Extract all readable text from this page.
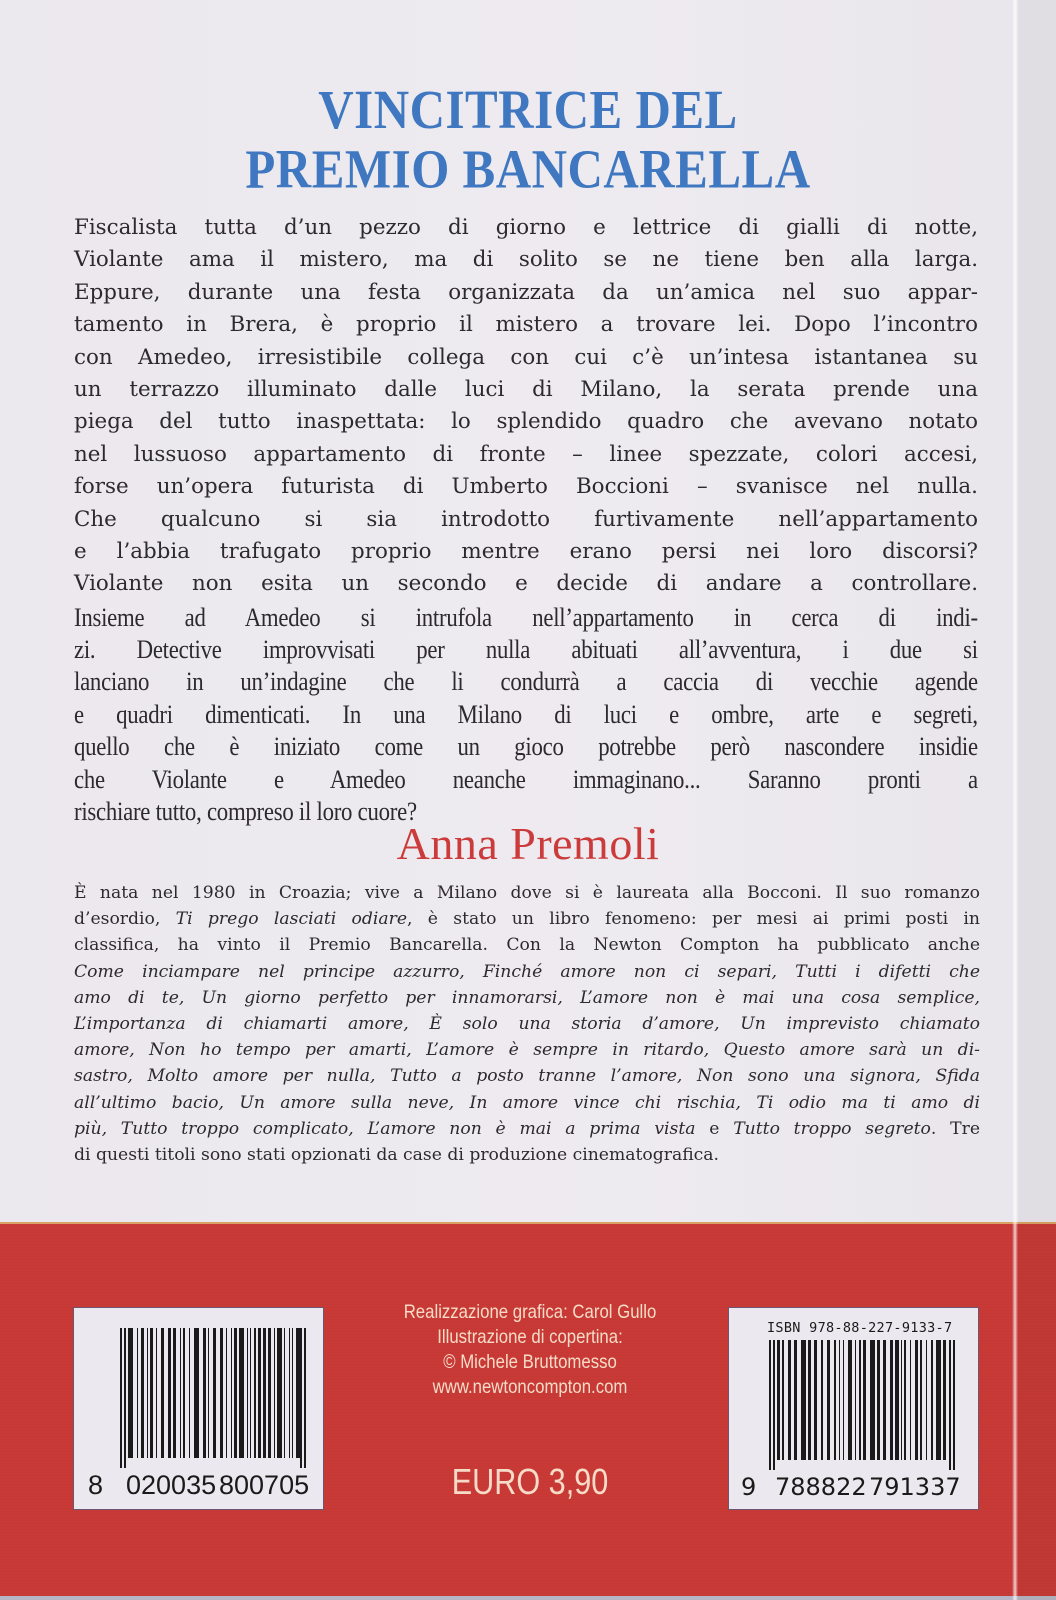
VINCITRICE DEL
PREMIO BANCARELLA
Fiscalista tutta d’un pezzo di giorno e lettrice di gialli di notte,
Violante ama il mistero, ma di solito se ne tiene ben alla larga.
Eppure, durante una festa organizzata da un’amica nel suo appar-
tamento in Brera, è proprio il mistero a trovare lei. Dopo l’incontro
con Amedeo, irresistibile collega con cui c’è un’intesa istantanea su
un terrazzo illuminato dalle luci di Milano, la serata prende una
piega del tutto inaspettata: lo splendido quadro che avevano notato
nel lussuoso appartamento di fronte – linee spezzate, colori accesi,
forse un’opera futurista di Umberto Boccioni – svanisce nel nulla.
Che qualcuno si sia introdotto furtivamente nell’appartamento
e l’abbia trafugato proprio mentre erano persi nei loro discorsi?
Violante non esita un secondo e decide di andare a controllare.
Insieme ad Amedeo si intrufola nell’appartamento in cerca di indi-
zi. Detective improvvisati per nulla abituati all’avventura, i due si
lanciano in un’indagine che li condurrà a caccia di vecchie agende
e quadri dimenticati. In una Milano di luci e ombre, arte e segreti,
quello che è iniziato come un gioco potrebbe però nascondere insidie
che Violante e Amedeo neanche immaginano... Saranno pronti a
rischiare tutto, compreso il loro cuore?
Anna Premoli
È nata nel 1980 in Croazia; vive a Milano dove si è laureata alla Bocconi. Il suo romanzo
d’esordio, Ti prego lasciati odiare, è stato un libro fenomeno: per mesi ai primi posti in
classifica, ha vinto il Premio Bancarella. Con la Newton Compton ha pubblicato anche
Come inciampare nel principe azzurro, Finché amore non ci separi, Tutti i difetti che
amo di te, Un giorno perfetto per innamorarsi, L’amore non è mai una cosa semplice,
L’importanza di chiamarti amore, È solo una storia d’amore, Un imprevisto chiamato
amore, Non ho tempo per amarti, L’amore è sempre in ritardo, Questo amore sarà un di-
sastro, Molto amore per nulla, Tutto a posto tranne l’amore, Non sono una signora, Sfida
all’ultimo bacio, Un amore sulla neve, In amore vince chi rischia, Ti odio ma ti amo di
più, Tutto troppo complicato, L’amore non è mai a prima vista e Tutto troppo segreto. Tre
di questi titoli sono stati opzionati da case di produzione cinematografica.
8 020035 800705
Realizzazione grafica: Carol Gullo
Illustrazione di copertina:
© Michele Bruttomesso
www.newtoncompton.com
EURO 3,90
ISBN 978-88-227-9133-7
9 788822 791337
